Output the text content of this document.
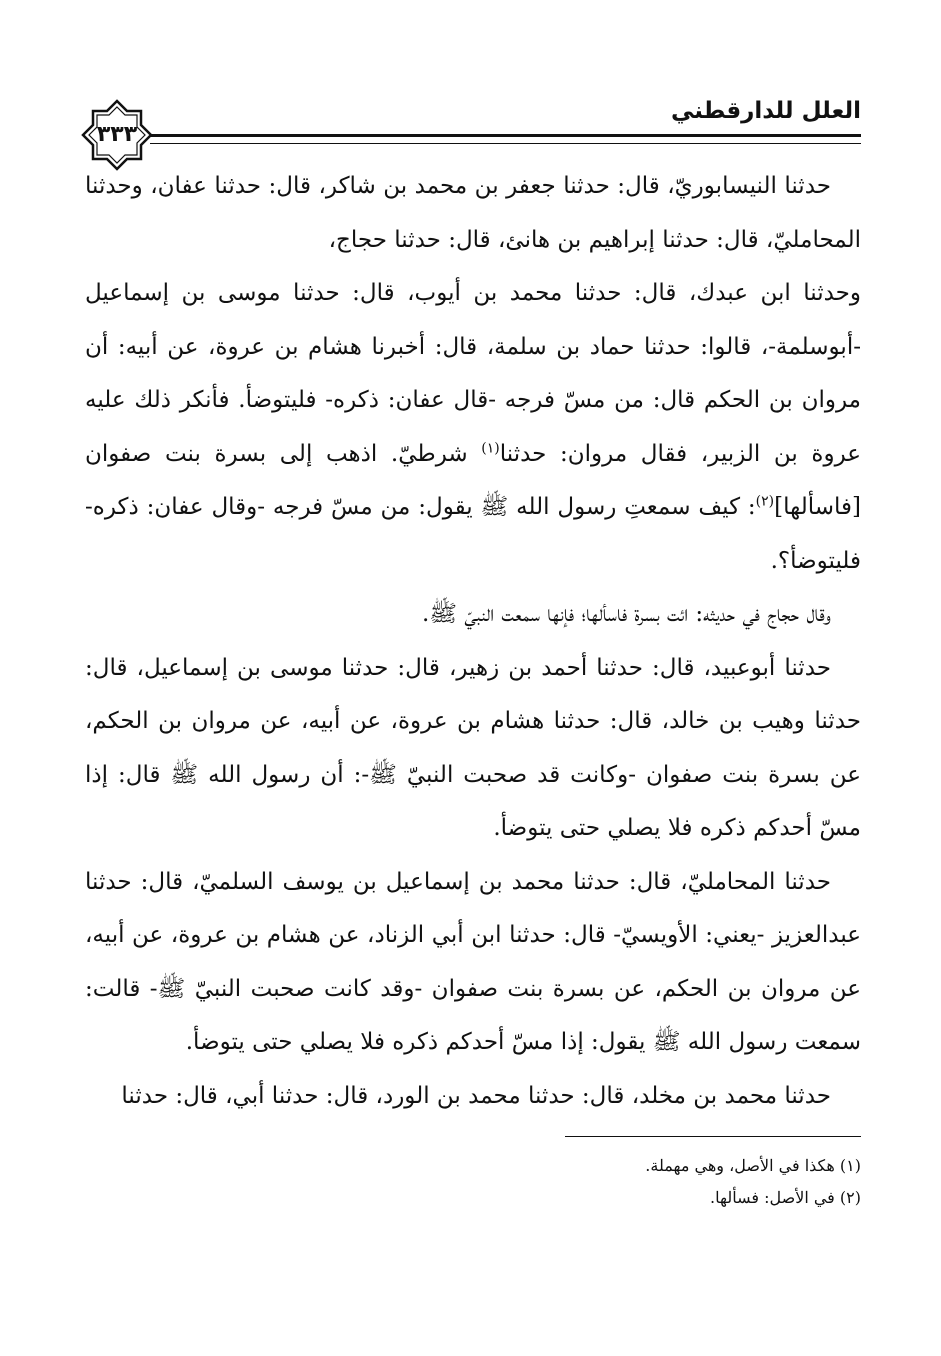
العلل للدارقطني
٣٣٣

حدثنا النيسابوريّ، قال: حدثنا جعفر بن محمد بن شاكر، قال: حدثنا عفان، وحدثنا المحامليّ، قال: حدثنا إبراهيم بن هانئ، قال: حدثنا حجاج،

وحدثنا ابن عبدك، قال: حدثنا محمد بن أيوب، قال: حدثنا موسى بن إسماعيل -أبوسلمة-، قالوا: حدثنا حماد بن سلمة، قال: أخبرنا هشام بن عروة، عن أبيه: أن مروان بن الحكم قال: من مسّ فرجه -قال عفان: ذكره- فليتوضأ. فأنكر ذلك عليه عروة بن الزبير، فقال مروان: حدثنا$^{(١)}$ شرطيّ. اذهب إلى بسرة بنت صفوان [فاسألها]$^{(٢)}$: كيف سمعتِ رسول الله ﷺ يقول: من مسّ فرجه -وقال عفان: ذكره- فليتوضأ؟.

وقال حجاج في حديثه: ائت بسرة فاسألها؛ فإنها سمعت النبيّ ﷺ.

حدثنا أبوعبيد، قال: حدثنا أحمد بن زهير، قال: حدثنا موسى بن إسماعيل، قال: حدثنا وهيب بن خالد، قال: حدثنا هشام بن عروة، عن أبيه، عن مروان بن الحكم، عن بسرة بنت صفوان -وكانت قد صحبت النبيّ ﷺ-: أن رسول الله ﷺ قال: إذا مسّ أحدكم ذكره فلا يصلي حتى يتوضأ.

حدثنا المحامليّ، قال: حدثنا محمد بن إسماعيل بن يوسف السلميّ، قال: حدثنا عبدالعزيز -يعني: الأويسيّ- قال: حدثنا ابن أبي الزناد، عن هشام بن عروة، عن أبيه، عن مروان بن الحكم، عن بسرة بنت صفوان -وقد كانت صحبت النبيّ ﷺ- قالت: سمعت رسول الله ﷺ يقول: إذا مسّ أحدكم ذكره فلا يصلي حتى يتوضأ.

حدثنا محمد بن مخلد، قال: حدثنا محمد بن الورد، قال: حدثنا أبي، قال: حدثنا

(١) هكذا في الأصل، وهي مهملة.

(٢) في الأصل: فسألها.
